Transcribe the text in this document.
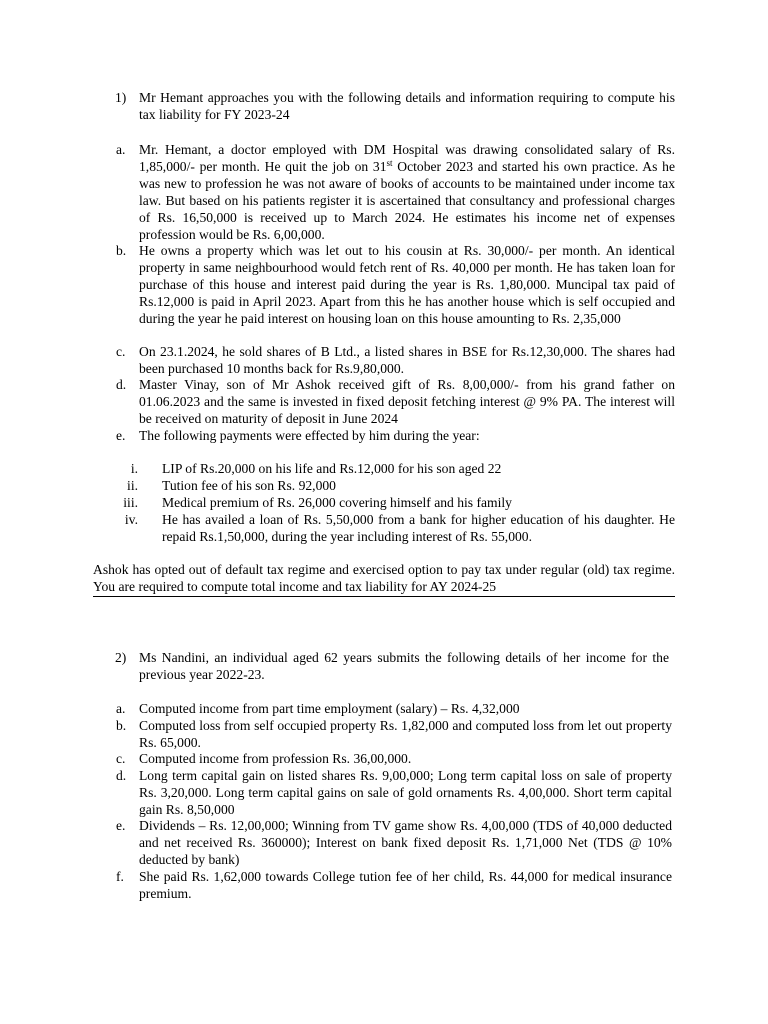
1) Mr Hemant approaches you with the following details and information requiring to compute his tax liability for FY 2023-24

a. Mr. Hemant, a doctor employed with DM Hospital was drawing consolidated salary of Rs. 1,85,000/- per month. He quit the job on 31st October 2023 and started his own practice. As he was new to profession he was not aware of books of accounts to be maintained under income tax law. But based on his patients register it is ascertained that consultancy and professional charges of Rs. 16,50,000 is received up to March 2024. He estimates his income net of expenses profession would be Rs. 6,00,000.

b. He owns a property which was let out to his cousin at Rs. 30,000/- per month. An identical property in same neighbourhood would fetch rent of Rs. 40,000 per month. He has taken loan for purchase of this house and interest paid during the year is Rs. 1,80,000. Muncipal tax paid of Rs.12,000 is paid in April 2023. Apart from this he has another house which is self occupied and during the year he paid interest on housing loan on this house amounting to Rs. 2,35,000

c. On 23.1.2024, he sold shares of B Ltd., a listed shares in BSE for Rs.12,30,000. The shares had been purchased 10 months back for Rs.9,80,000.

d. Master Vinay, son of Mr Ashok received gift of Rs. 8,00,000/- from his grand father on 01.06.2023 and the same is invested in fixed deposit fetching interest @ 9% PA. The interest will be received on maturity of deposit in June 2024

e. The following payments were effected by him during the year:

i. LIP of Rs.20,000 on his life and Rs.12,000 for his son aged 22

ii. Tution fee of his son Rs. 92,000

iii. Medical premium of Rs. 26,000 covering himself and his family

iv. He has availed a loan of Rs. 5,50,000 from a bank for higher education of his daughter. He repaid Rs.1,50,000, during the year including interest of Rs. 55,000.

Ashok has opted out of default tax regime and exercised option to pay tax under regular (old) tax regime. You are required to compute total income and tax liability for AY 2024-25

2) Ms Nandini, an individual aged 62 years submits the following details of her income for the previous year 2022-23.

a. Computed income from part time employment (salary) – Rs. 4,32,000

b. Computed loss from self occupied property Rs. 1,82,000 and computed loss from let out property Rs. 65,000.

c. Computed income from profession Rs. 36,00,000.

d. Long term capital gain on listed shares Rs. 9,00,000; Long term capital loss on sale of property Rs. 3,20,000. Long term capital gains on sale of gold ornaments Rs. 4,00,000. Short term capital gain Rs. 8,50,000

e. Dividends – Rs. 12,00,000; Winning from TV game show Rs. 4,00,000 (TDS of 40,000 deducted and net received Rs. 360000); Interest on bank fixed deposit Rs. 1,71,000 Net (TDS @ 10% deducted by bank)

f. She paid Rs. 1,62,000 towards College tution fee of her child, Rs. 44,000 for medical insurance premium.
